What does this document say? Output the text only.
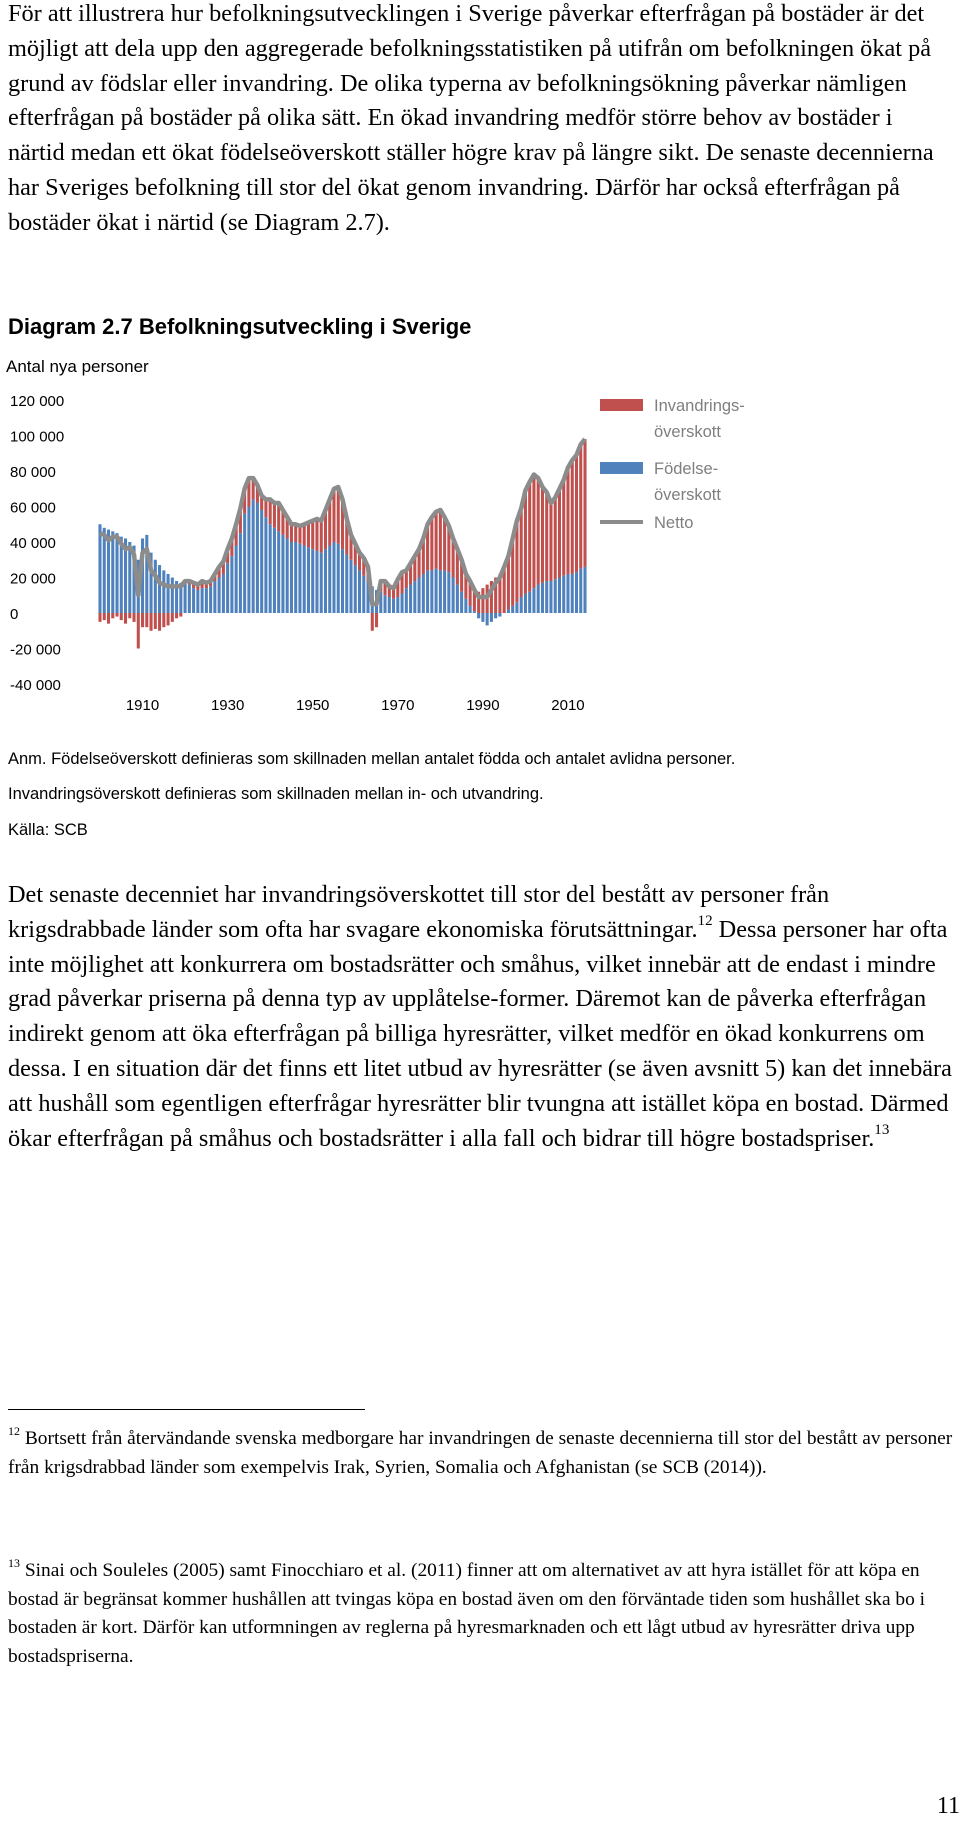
För att illustrera hur befolkningsutvecklingen i Sverige påverkar efterfrågan på bostäder är det möjligt att dela upp den aggregerade befolkningsstatistiken på utifrån om befolkningen ökat på grund av födslar eller invandring. De olika typerna av befolkningsökning påverkar nämligen efterfrågan på bostäder på olika sätt. En ökad invandring medför större behov av bostäder i närtid medan ett ökat födelseöverskott ställer högre krav på längre sikt. De senaste decennierna har Sveriges befolkning till stor del ökat genom invandring. Därför har också efterfrågan på bostäder ökat i närtid (se Diagram 2.7).

Diagram 2.7 Befolkningsutveckling i Sverige

Antal nya personer
120 000
100 000
80 000
60 000
40 000
20 000
0
-20 000
-40 000
1910	1930	1950	1970	1990	2010
Invandrings-
överskott
Födelse-
överskott
Netto

Anm. Födelseöverskott definieras som skillnaden mellan antalet födda och antalet avlidna personer.

Invandringsöverskott definieras som skillnaden mellan in- och utvandring.

Källa: SCB

Det senaste decenniet har invandringsöverskottet till stor del bestått av personer från krigsdrabbade länder som ofta har svagare ekonomiska förutsättningar.$^{12}$ Dessa personer har ofta inte möjlighet att konkurrera om bostadsrätter och småhus, vilket innebär att de endast i mindre grad påverkar priserna på denna typ av upplåtelse-former. Däremot kan de påverka efterfrågan indirekt genom att öka efterfrågan på billiga hyresrätter, vilket medför en ökad konkurrens om dessa. I en situation där det finns ett litet utbud av hyresrätter (se även avsnitt 5) kan det innebära att hushåll som egentligen efterfrågar hyresrätter blir tvungna att istället köpa en bostad. Därmed ökar efterfrågan på småhus och bostadsrätter i alla fall och bidrar till högre bostadspriser.$^{13}$

$^{12}$ Bortsett från återvändande svenska medborgare har invandringen de senaste decennierna till stor del bestått av personer från krigsdrabbad länder som exempelvis Irak, Syrien, Somalia och Afghanistan (se SCB (2014)).

$^{13}$ Sinai och Souleles (2005) samt Finocchiaro et al. (2011) finner att om alternativet av att hyra istället för att köpa en bostad är begränsat kommer hushållen att tvingas köpa en bostad även om den förväntade tiden som hushållet ska bo i bostaden är kort. Därför kan utformningen av reglerna på hyresmarknaden och ett lågt utbud av hyresrätter driva upp bostadspriserna.

11
